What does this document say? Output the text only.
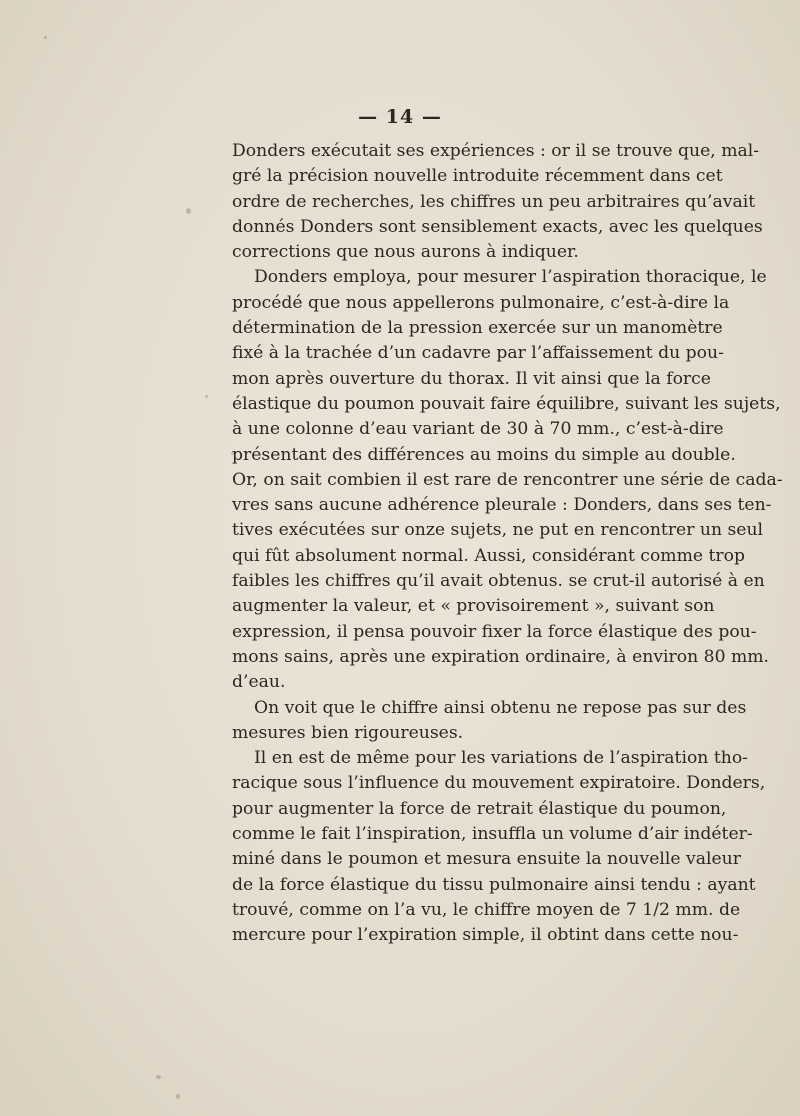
— 14 —
Donders exécutait ses expériences : or il se trouve que, mal-
gré la précision nouvelle introduite récemment dans cet
ordre de recherches, les chiffres un peu arbitraires qu’avait
donnés Donders sont sensiblement exacts, avec les quelques
corrections que nous aurons à indiquer.
Donders employa, pour mesurer l’aspiration thoracique, le
procédé que nous appellerons pulmonaire, c’est-à-dire la
détermination de la pression exercée sur un manomètre
fixé à la trachée d’un cadavre par l’affaissement du pou-
mon après ouverture du thorax. Il vit ainsi que la force
élastique du poumon pouvait faire équilibre, suivant les sujets,
à une colonne d’eau variant de 30 à 70 mm., c’est-à-dire
présentant des différences au moins du simple au double.
Or, on sait combien il est rare de rencontrer une série de cada-
vres sans aucune adhérence pleurale : Donders, dans ses ten-
tives exécutées sur onze sujets, ne put en rencontrer un seul
qui fût absolument normal. Aussi, considérant comme trop
faibles les chiffres qu’il avait obtenus. se crut-il autorisé à en
augmenter la valeur, et « provisoirement », suivant son
expression, il pensa pouvoir fixer la force élastique des pou-
mons sains, après une expiration ordinaire, à environ 80 mm.
d’eau.
On voit que le chiffre ainsi obtenu ne repose pas sur des
mesures bien rigoureuses.
Il en est de même pour les variations de l’aspiration tho-
racique sous l’influence du mouvement expiratoire. Donders,
pour augmenter la force de retrait élastique du poumon,
comme le fait l’inspiration, insuffla un volume d’air indéter-
miné dans le poumon et mesura ensuite la nouvelle valeur
de la force élastique du tissu pulmonaire ainsi tendu : ayant
trouvé, comme on l’a vu, le chiffre moyen de 7 1/2 mm. de
mercure pour l’expiration simple, il obtint dans cette nou-
